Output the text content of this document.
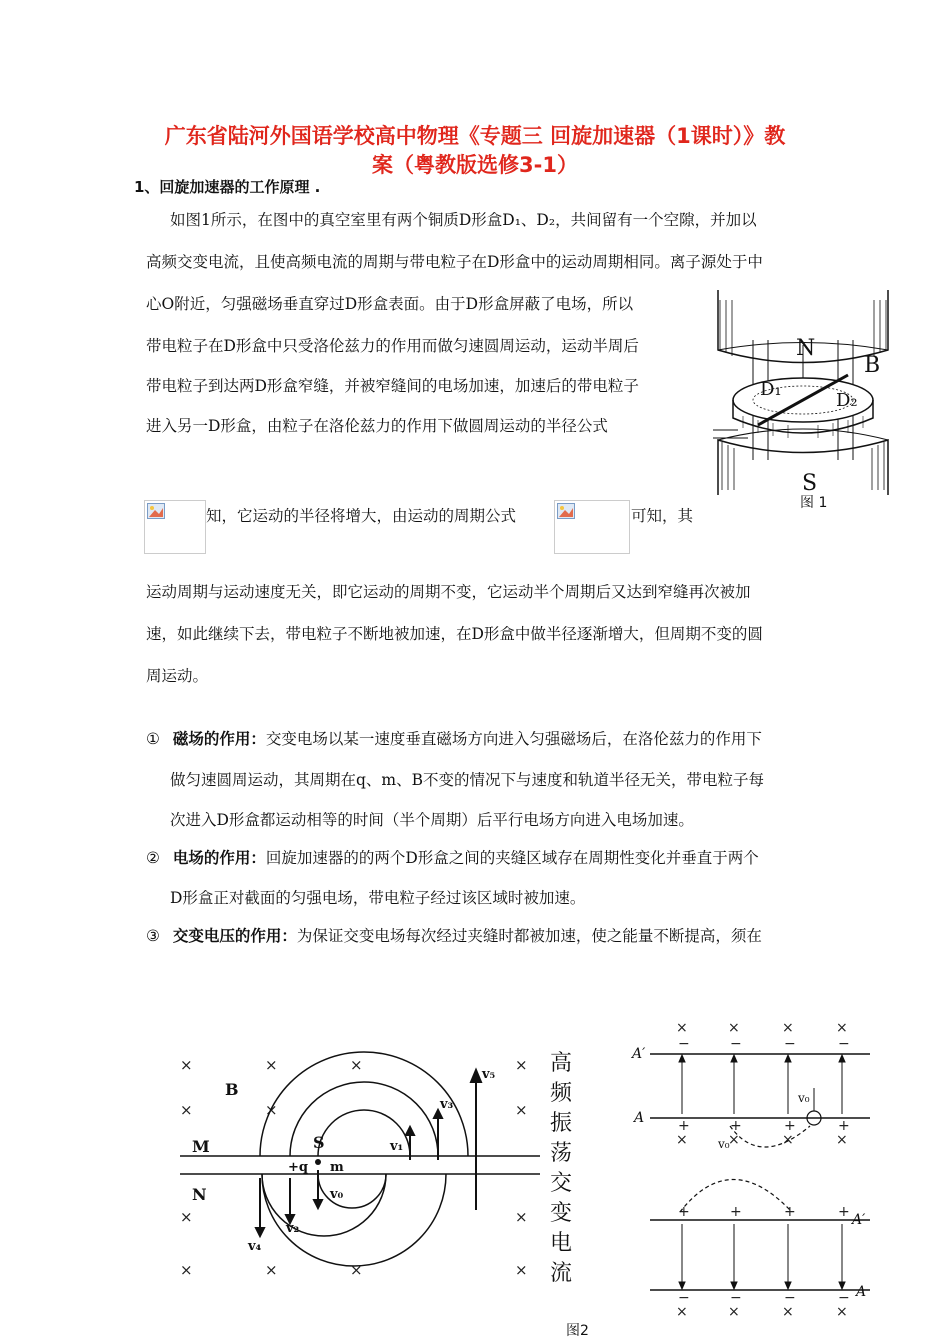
广东省陆河外国语学校高中物理《专题三 回旋加速器（1课时）》教
案（粤教版选修3-1）
1、回旋加速器的工作原理 .
如图1所示，在图中的真空室里有两个铜质D形盒D₁、D₂，共间留有一个空隙，并加以
高频交变电流，且使高频电流的周期与带电粒子在D形盒中的运动周期相同。离子源处于中
心O附近，匀强磁场垂直穿过D形盒表面。由于D形盒屏蔽了电场，所以
带电粒子在D形盒中只受洛伦兹力的作用而做匀速圆周运动，运动半周后
带电粒子到达两D形盒窄缝，并被窄缝间的电场加速，加速后的带电粒子
进入另一D形盒，由粒子在洛伦兹力的作用下做圆周运动的半径公式
知，它运动的半径将增大，由运动的周期公式	可知，其
运动周期与运动速度无关，即它运动的周期不变，它运动半个周期后又达到窄缝再次被加
速，如此继续下去，带电粒子不断地被加速，在D形盒中做半径逐渐增大，但周期不变的圆
周运动。
N
B
D₁
D₂
S
图 1
① 磁场的作用：交变电场以某一速度垂直磁场方向进入匀强磁场后，在洛伦兹力的作用下
做匀速圆周运动，其周期在q、m、B不变的情况下与速度和轨道半径无关，带电粒子每
次进入D形盒都运动相等的时间（半个周期）后平行电场方向进入电场加速。
② 电场的作用：回旋加速器的的两个D形盒之间的夹缝区域存在周期性变化并垂直于两个
D形盒正对截面的匀强电场，带电粒子经过该区域时被加速。
③ 交变电压的作用：为保证交变电场每次经过夹缝时都被加速，使之能量不断提高，须在
×	×	×	×
×	×	×
×	×
×	×	×	×
B
M
N
S
+q m
v₀
v₁
v₂
v₃
v₄
v₅ 高
频
振
荡
交
变
电
流
×	×	×	×
−	−	−	−
+	+	+	+
×	×	×	×
+	+	+	+
−	−	−	−
×	×	×	×
A′
A
A′
A
v₀
v₀
图2
